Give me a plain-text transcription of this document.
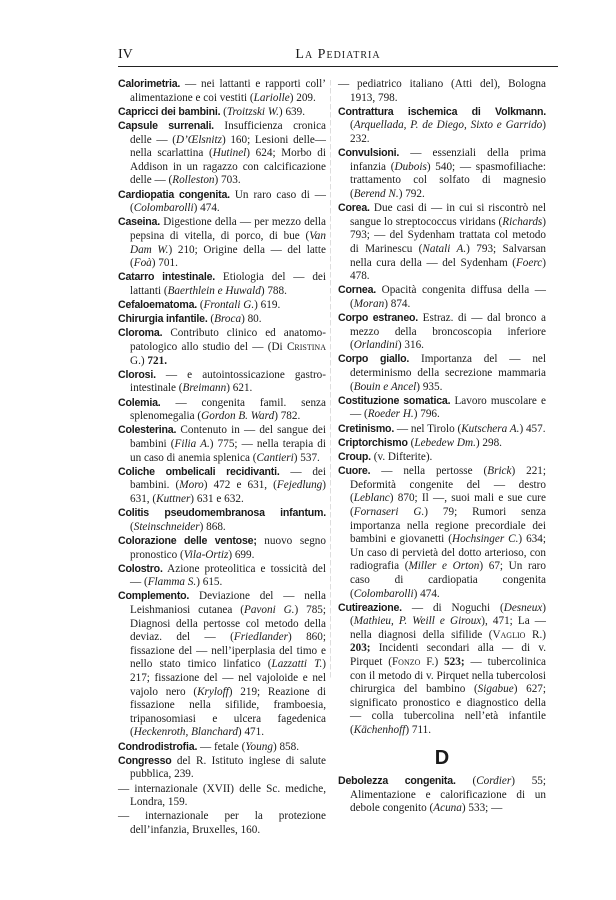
IV	La Pediatria
Calorimetria. — nei lattanti e rapporti coll’ alimentazione e coi vestiti (Lariolle) 209.
Capricci dei bambini. (Troitzski W.) 639.
Capsule surrenali. Insufficienza cronica delle — (D’Œlsnitz) 160; Lesioni delle—nella scarlattina (Hutinel) 624; Morbo di Addison in un ragazzo con calcificazione delle — (Rolleston) 703.
Cardiopatia congenita. Un raro caso di — (Colombarolli) 474.
Caseina. Digestione della — per mezzo della pepsina di vitella, di porco, di bue (Van Dam W.) 210; Origine della — del latte (Foà) 701.
Catarro intestinale. Etiologia del — dei lattanti (Baerthlein e Huwald) 788.
Cefaloematoma. (Frontali G.) 619.
Chirurgia infantile. (Broca) 80.
Cloroma. Contributo clinico ed anatomo-patologico allo studio del — (Di Cristina G.) 721.
Clorosi. — e autointossicazione gastro-intestinale (Breimann) 621.
Colemia. — congenita famil. senza splenomegalia (Gordon B. Ward) 782.
Colesterina. Contenuto in — del sangue dei bambini (Filia A.) 775; — nella terapia di un caso di anemia splenica (Cantieri) 537.
Coliche ombelicali recidivanti. — dei bambini. (Moro) 472 e 631, (Fejedlung) 631, (Kuttner) 631 e 632.
Colitis pseudomembranosa infantum. (Steinschneider) 868.
Colorazione delle ventose; nuovo segno pronostico (Vila-Ortiz) 699.
Colostro. Azione proteolitica e tossicità del — (Flamma S.) 615.
Complemento. Deviazione del — nella Leishmaniosi cutanea (Pavoni G.) 785; Diagnosi della pertosse col metodo della deviaz. del — (Friedlander) 860; fissazione del — nell’iperplasia del timo e nello stato timico linfatico (Lazzatti T.) 217; fissazione del — nel vajoloide e nel vajolo nero (Kryloff) 219; Reazione di fissazione nella sifilide, framboesia, tripanosomiasi e ulcera fagedenica (Heckenroth, Blanchard) 471.
Condrodistrofia. — fetale (Young) 858.
Congresso del R. Istituto inglese di salute pubblica, 239.
— internazionale (XVII) delle Sc. mediche, Londra, 159.
— internazionale per la protezione dell’infanzia, Bruxelles, 160.
— pediatrico italiano (Atti del), Bologna 1913, 798.
Contrattura ischemica di Volkmann. (Arquellada, P. de Diego, Sixto e Garrido) 232.
Convulsioni. — essenziali della prima infanzia (Dubois) 540; — spasmofiliache: trattamento col solfato di magnesio (Berend N.) 792.
Corea. Due casi di — in cui si riscontrò nel sangue lo streptococcus viridans (Richards) 793; — del Sydenham trattata col metodo di Marinescu (Natali A.) 793; Salvarsan nella cura della — del Sydenham (Foerc) 478.
Cornea. Opacità congenita diffusa della — (Moran) 874.
Corpo estraneo. Estraz. di — dal bronco a mezzo della broncoscopia inferiore (Orlandini) 316.
Corpo giallo. Importanza del — nel determinismo della secrezione mammaria (Bouin e Ancel) 935.
Costituzione somatica. Lavoro muscolare e — (Roeder H.) 796.
Cretinismo. — nel Tirolo (Kutschera A.) 457.
Criptorchismo (Lebedew Dm.) 298.
Croup. (v. Difterite).
Cuore. — nella pertosse (Brick) 221; Deformità congenite del — destro (Leblanc) 870; Il —, suoi mali e sue cure (Fornaseri G.) 79; Rumori senza importanza nella regione precordiale dei bambini e giovanetti (Hochsinger C.) 634; Un caso di pervietà del dotto arterioso, con radiografia (Miller e Orton) 67; Un raro caso di cardiopatia congenita (Colombarolli) 474.
Cutireazione. — di Noguchi (Desneux) (Mathieu, P. Weill e Giroux), 471; La — nella diagnosi della sifilide (Vaglio R.) 203; Incidenti secondari alla — di v. Pirquet (Fonzo F.) 523; — tubercolinica con il metodo di v. Pirquet nella tubercolosi chirurgica del bambino (Sigabue) 627; significato pronostico e diagnostico della — colla tubercolina nell’età infantile (Kächenhoff) 711.
D
Debolezza congenita. (Cordier) 55; Alimentazione e calorificazione di un debole congenito (Acuna) 533; —
